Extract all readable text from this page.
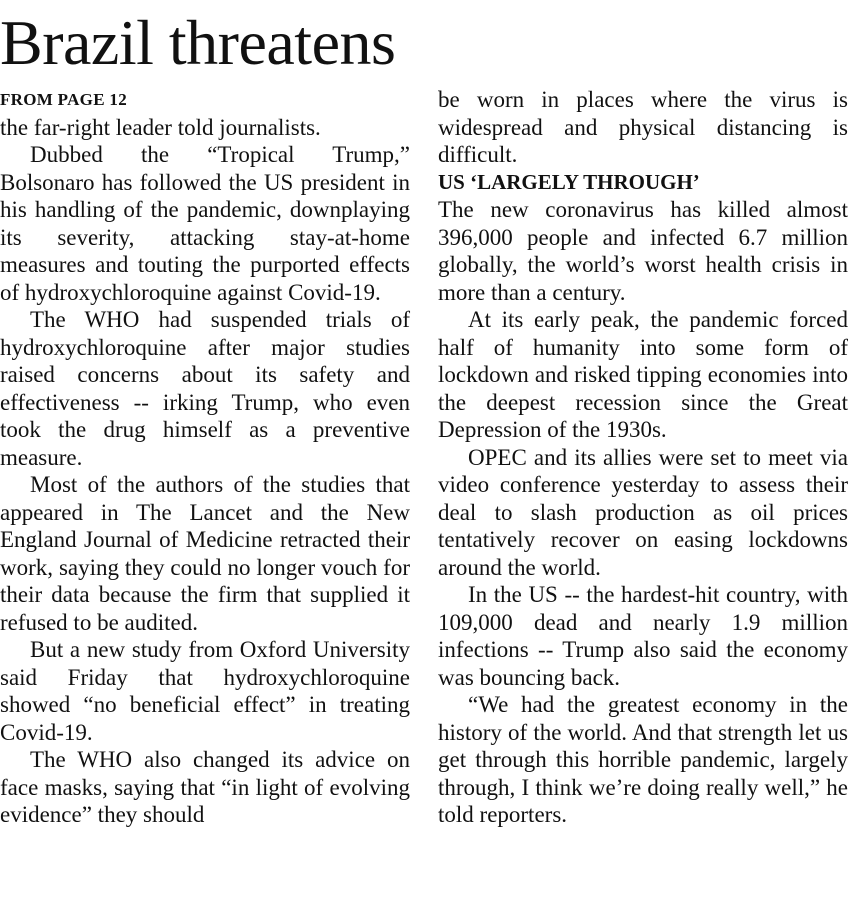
Brazil threatens
FROM PAGE 12

the far-right leader told journalists.

Dubbed the “Tropical Trump,” Bolsonaro has followed the US president in his handling of the pandemic, downplaying its severity, attacking stay-at-home measures and touting the purported effects of hydroxychloroquine against Covid-19.

The WHO had suspended trials of hydroxychloroquine after major studies raised concerns about its safety and effectiveness -- irking Trump, who even took the drug himself as a preventive measure.

Most of the authors of the studies that appeared in The Lancet and the New England Journal of Medicine retracted their work, saying they could no longer vouch for their data because the firm that supplied it refused to be audited.

But a new study from Oxford University said Friday that hydroxychloroquine showed “no beneficial effect” in treating Covid-19.

The WHO also changed its advice on face masks, saying that “in light of evolving evidence” they should

be worn in places where the virus is widespread and physical distancing is difficult.

US ‘LARGELY THROUGH’

The new coronavirus has killed almost 396,000 people and infected 6.7 million globally, the world’s worst health crisis in more than a century.

At its early peak, the pandemic forced half of humanity into some form of lockdown and risked tipping economies into the deepest recession since the Great Depression of the 1930s.

OPEC and its allies were set to meet via video conference yesterday to assess their deal to slash production as oil prices tentatively recover on easing lockdowns around the world.

In the US -- the hardest-hit country, with 109,000 dead and nearly 1.9 million infections -- Trump also said the economy was bouncing back.

“We had the greatest economy in the history of the world. And that strength let us get through this horrible pandemic, largely through, I think we’re doing really well,” he told reporters.
